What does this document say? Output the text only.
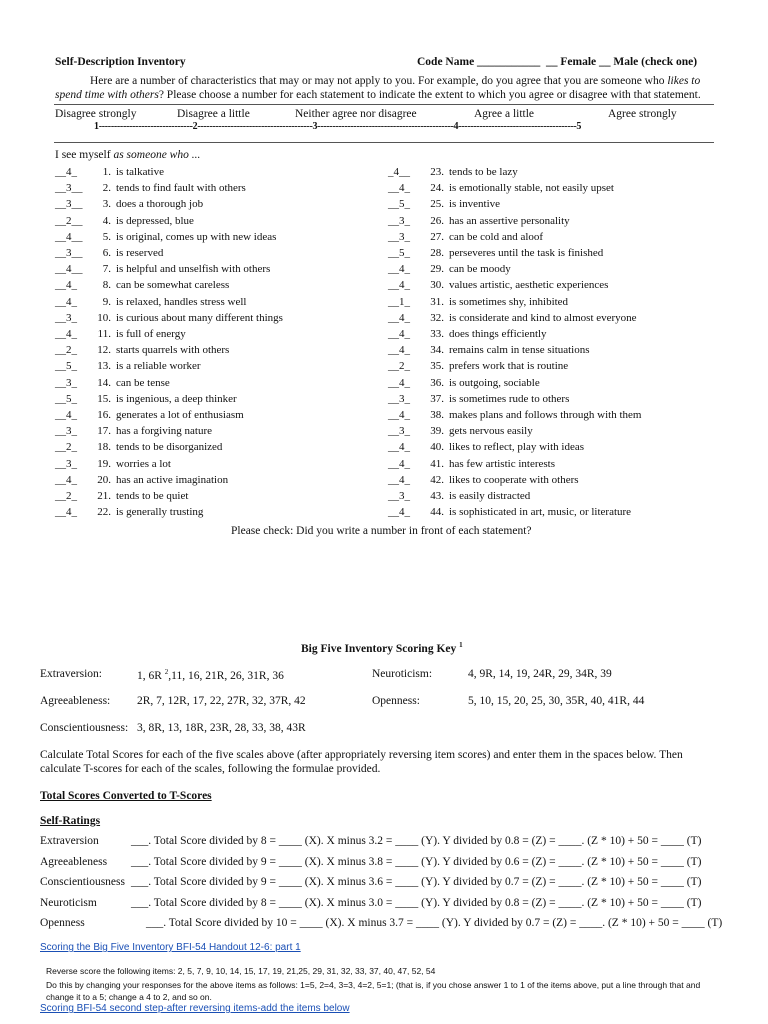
Self-Description Inventory	Code Name ___________ __ Female __ Male (check one)
Here are a number of characteristics that may or may not apply to you. For example, do you agree that you are someone who likes to
spend time with others? Please choose a number for each statement to indicate the extent to which you agree or disagree with that statement.
Disagree strongly	Disagree a little	Neither agree nor disagree	Agree a little	Agree strongly
1-------------------------------2--------------------------------------3---------------------------------------------4---------------------------------------5
I see myself as someone who ...
__4_ 1. is talkative
__3__ 2. tends to find fault with others
__3__ 3. does a thorough job
__2__ 4. is depressed, blue
__4__ 5. is original, comes up with new ideas
__3__ 6. is reserved
__4__ 7. is helpful and unselfish with others
__4_ 8. can be somewhat careless
__4_ 9. is relaxed, handles stress well
__3_ 10. is curious about many different things
__4_ 11. is full of energy
__2_ 12. starts quarrels with others
__5_ 13. is a reliable worker
__3_ 14. can be tense
__5_ 15. is ingenious, a deep thinker
__4_ 16. generates a lot of enthusiasm
__3_ 17. has a forgiving nature
__2_ 18. tends to be disorganized
__3_ 19. worries a lot
__4_ 20. has an active imagination
__2_ 21. tends to be quiet
__4_ 22. is generally trusting
_4__ 23. tends to be lazy
__4_ 24. is emotionally stable, not easily upset
__5_ 25. is inventive
__3_ 26. has an assertive personality
__3_ 27. can be cold and aloof
__5_ 28. perseveres until the task is finished
__4_ 29. can be moody
__4_ 30. values artistic, aesthetic experiences
__1_ 31. is sometimes shy, inhibited
__4_ 32. is considerate and kind to almost everyone
__4_ 33. does things efficiently
__4_ 34. remains calm in tense situations
__2_ 35. prefers work that is routine
__4_ 36. is outgoing, sociable
__3_ 37. is sometimes rude to others
__4_ 38. makes plans and follows through with them
__3_ 39. gets nervous easily
__4_ 40. likes to reflect, play with ideas
__4_ 41. has few artistic interests
__4_ 42. likes to cooperate with others
__3_ 43. is easily distracted
__4_ 44. is sophisticated in art, music, or literature
Please check: Did you write a number in front of each statement?
Big Five Inventory Scoring Key $^1$
Extraversion:	1, 6R $^2$,11, 16, 21R, 26, 31R, 36	Neuroticism:	4, 9R, 14, 19, 24R, 29, 34R, 39
Agreeableness: 2R, 7, 12R, 17, 22, 27R, 32, 37R, 42	Openness:	5, 10, 15, 20, 25, 30, 35R, 40, 41R, 44
Conscientiousness: 3, 8R, 13, 18R, 23R, 28, 33, 38, 43R
Calculate Total Scores for each of the five scales above (after appropriately reversing item scores) and enter them in the spaces below. Then
calculate T-scores for each of the scales, following the formulae provided.
Total Scores Converted to T-Scores
Self-Ratings
Extraversion	___. Total Score divided by 8 = ____ (X). X minus 3.2 = ____ (Y). Y divided by 0.8 = (Z) = ____. (Z * 10) + 50 = ____ (T)
Agreeableness ___. Total Score divided by 9 = ____ (X). X minus 3.8 = ____ (Y). Y divided by 0.6 = (Z) = ____. (Z * 10) + 50 = ____ (T)
Conscientiousness ___. Total Score divided by 9 = ____ (X). X minus 3.6 = ____ (Y). Y divided by 0.7 = (Z) = ____. (Z * 10) + 50 = ____ (T)
Neuroticism	___. Total Score divided by 8 = ____ (X). X minus 3.0 = ____ (Y). Y divided by 0.8 = (Z) = ____. (Z * 10) + 50 = ____ (T)
Openness	___. Total Score divided by 10 = ____ (X). X minus 3.7 = ____ (Y). Y divided by 0.7 = (Z) = ____. (Z * 10) + 50 = ____ (T)
Scoring the Big Five Inventory BFI-54 Handout 12-6: part 1
Reverse score the following items: 2, 5, 7, 9, 10, 14, 15, 17, 19, 21,25, 29, 31, 32, 33, 37, 40, 47, 52, 54
Do this by changing your responses for the above items as follows: 1=5, 2=4, 3=3, 4=2, 5=1; (that is, if you chose answer 1 to 1 of the items above, put a line through that and
change it to a 5; change a 4 to 2, and so on.
Scoring BFI-54 second step-after reversing items-add the items below
